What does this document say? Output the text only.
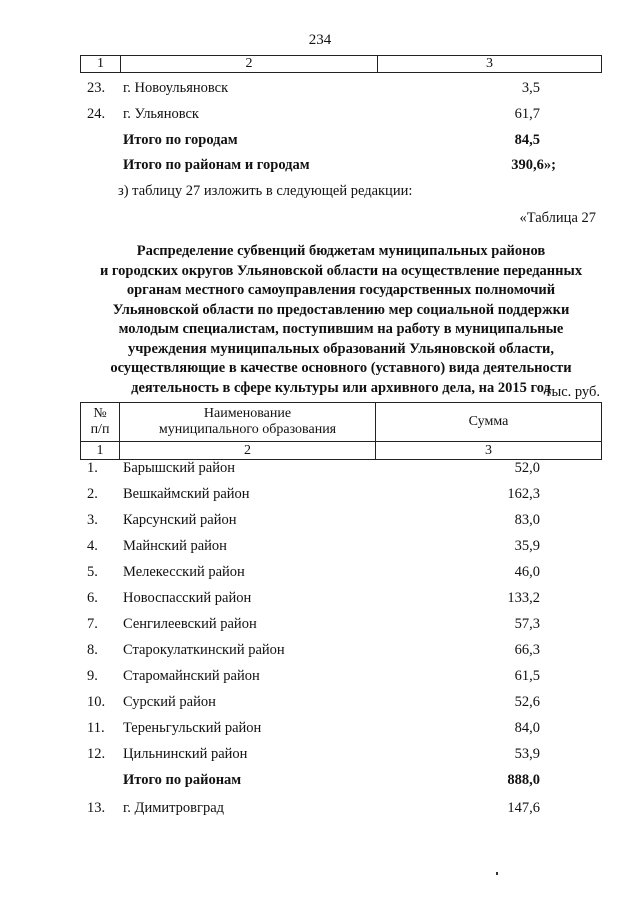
234
1	2	3
23.	г. Новоульяновск	3,5
24.	г. Ульяновск	61,7
Итого по городам	84,5
Итого по районам и городам	390,6»;
з) таблицу 27 изложить в следующей редакции:
«Таблица 27
Распределение субвенций бюджетам муниципальных районов
и городских округов Ульяновской области на осуществление переданных
органам местного самоуправления государственных полномочий
Ульяновской области по предоставлению мер социальной поддержки
молодым специалистам, поступившим на работу в муниципальные
учреждения муниципальных образований Ульяновской области,
осуществляющие в качестве основного (уставного) вида деятельности
деятельность в сфере культуры или архивного дела, на 2015 год
тыс. руб.
№
п/п
Наименование
муниципального образования
Сумма
1	2	3
1.	Барышский район	52,0
2.	Вешкаймский район	162,3
3.	Карсунский район	83,0
4.	Майнский район	35,9
5.	Мелекесский район	46,0
6.	Новоспасский район	133,2
7.	Сенгилеевский район	57,3
8.	Старокулаткинский район	66,3
9.	Старомайнский район	61,5
10.	Сурский район	52,6
11.	Тереньгульский район	84,0
12.	Цильнинский район	53,9
Итого по районам	888,0
13.	г. Димитровград	147,6
